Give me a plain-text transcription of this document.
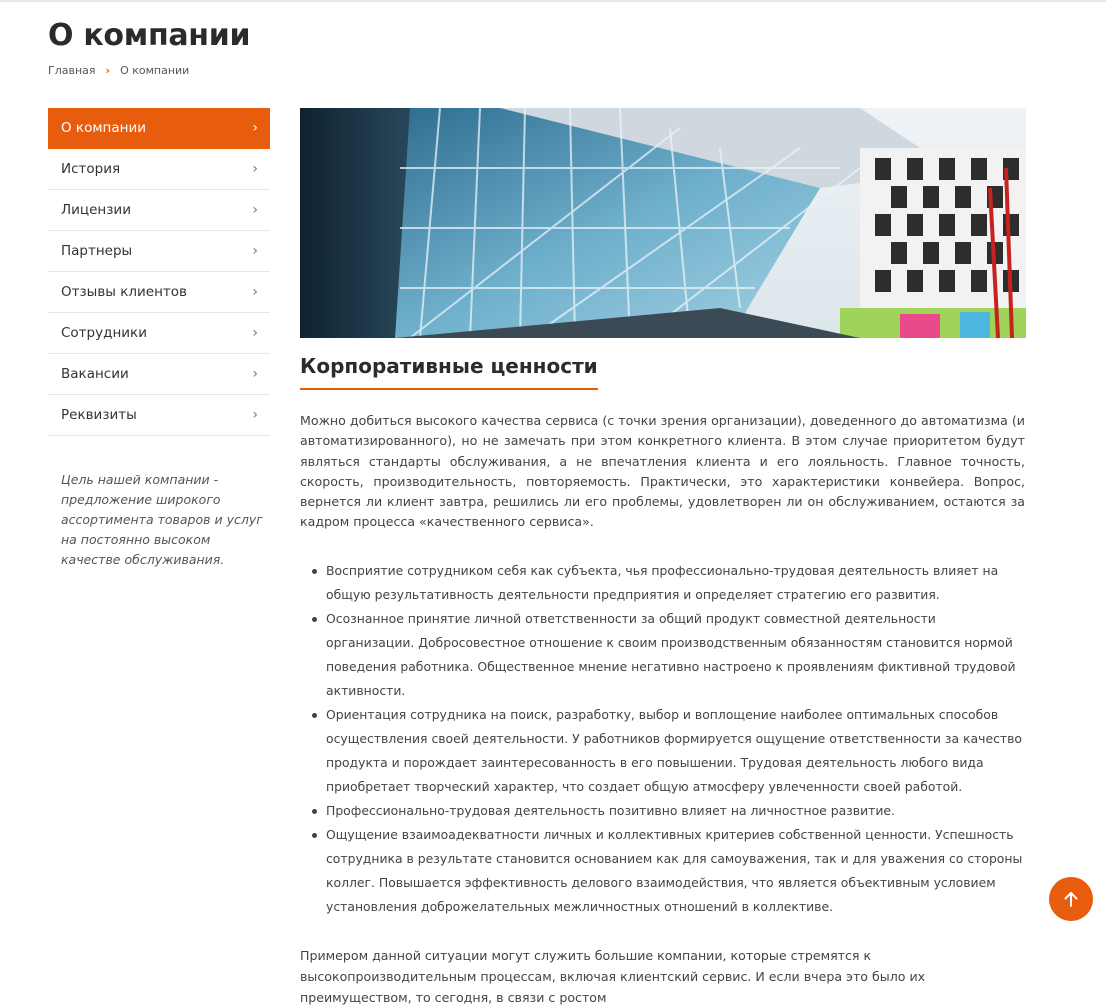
О компании
Главная › О компании
О компании	›
История	›
Лицензии	›
Партнеры	›
Отзывы клиентов	›
Сотрудники	›
Вакансии	›
Реквизиты	›

Цель нашей компании - предложение широкого ассортимента товаров и услуг на постоянно высоком качестве обслуживания.

Корпоративные ценности

Можно добиться высокого качества сервиса (с точки зрения организации), доведенного до автоматизма (и автоматизированного), но не замечать при этом конкретного клиента. В этом случае приоритетом будут являться стандарты обслуживания, а не впечатления клиента и его лояльность. Главное точность, скорость, производительность, повторяемость. Практически, это характеристики конвейера. Вопрос, вернется ли клиент завтра, решились ли его проблемы, удовлетворен ли он обслуживанием, остаются за кадром процесса «качественного сервиса».

Восприятие сотрудником себя как субъекта, чья профессионально-трудовая деятельность влияет на общую результативность деятельности предприятия и определяет стратегию его развития.
Осознанное принятие личной ответственности за общий продукт совместной деятельности организации. Добросовестное отношение к своим производственным обязанностям становится нормой поведения работника. Общественное мнение негативно настроено к проявлениям фиктивной трудовой активности.
Ориентация сотрудника на поиск, разработку, выбор и воплощение наиболее оптимальных способов осуществления своей деятельности. У работников формируется ощущение ответственности за качество продукта и порождает заинтересованность в его повышении. Трудовая деятельность любого вида приобретает творческий характер, что создает общую атмосферу увлеченности своей работой.
Профессионально-трудовая деятельность позитивно влияет на личностное развитие.
Ощущение взаимоадекватности личных и коллективных критериев собственной ценности. Успешность сотрудника в результате становится основанием как для самоуважения, так и для уважения со стороны коллег. Повышается эффективность делового взаимодействия, что является объективным условием установления доброжелательных межличностных отношений в коллективе.

Примером данной ситуации могут служить большие компании, которые стремятся к высокопроизводительным процессам, включая клиентский сервис. И если вчера это было их преимуществом, то сегодня, в связи с ростом
